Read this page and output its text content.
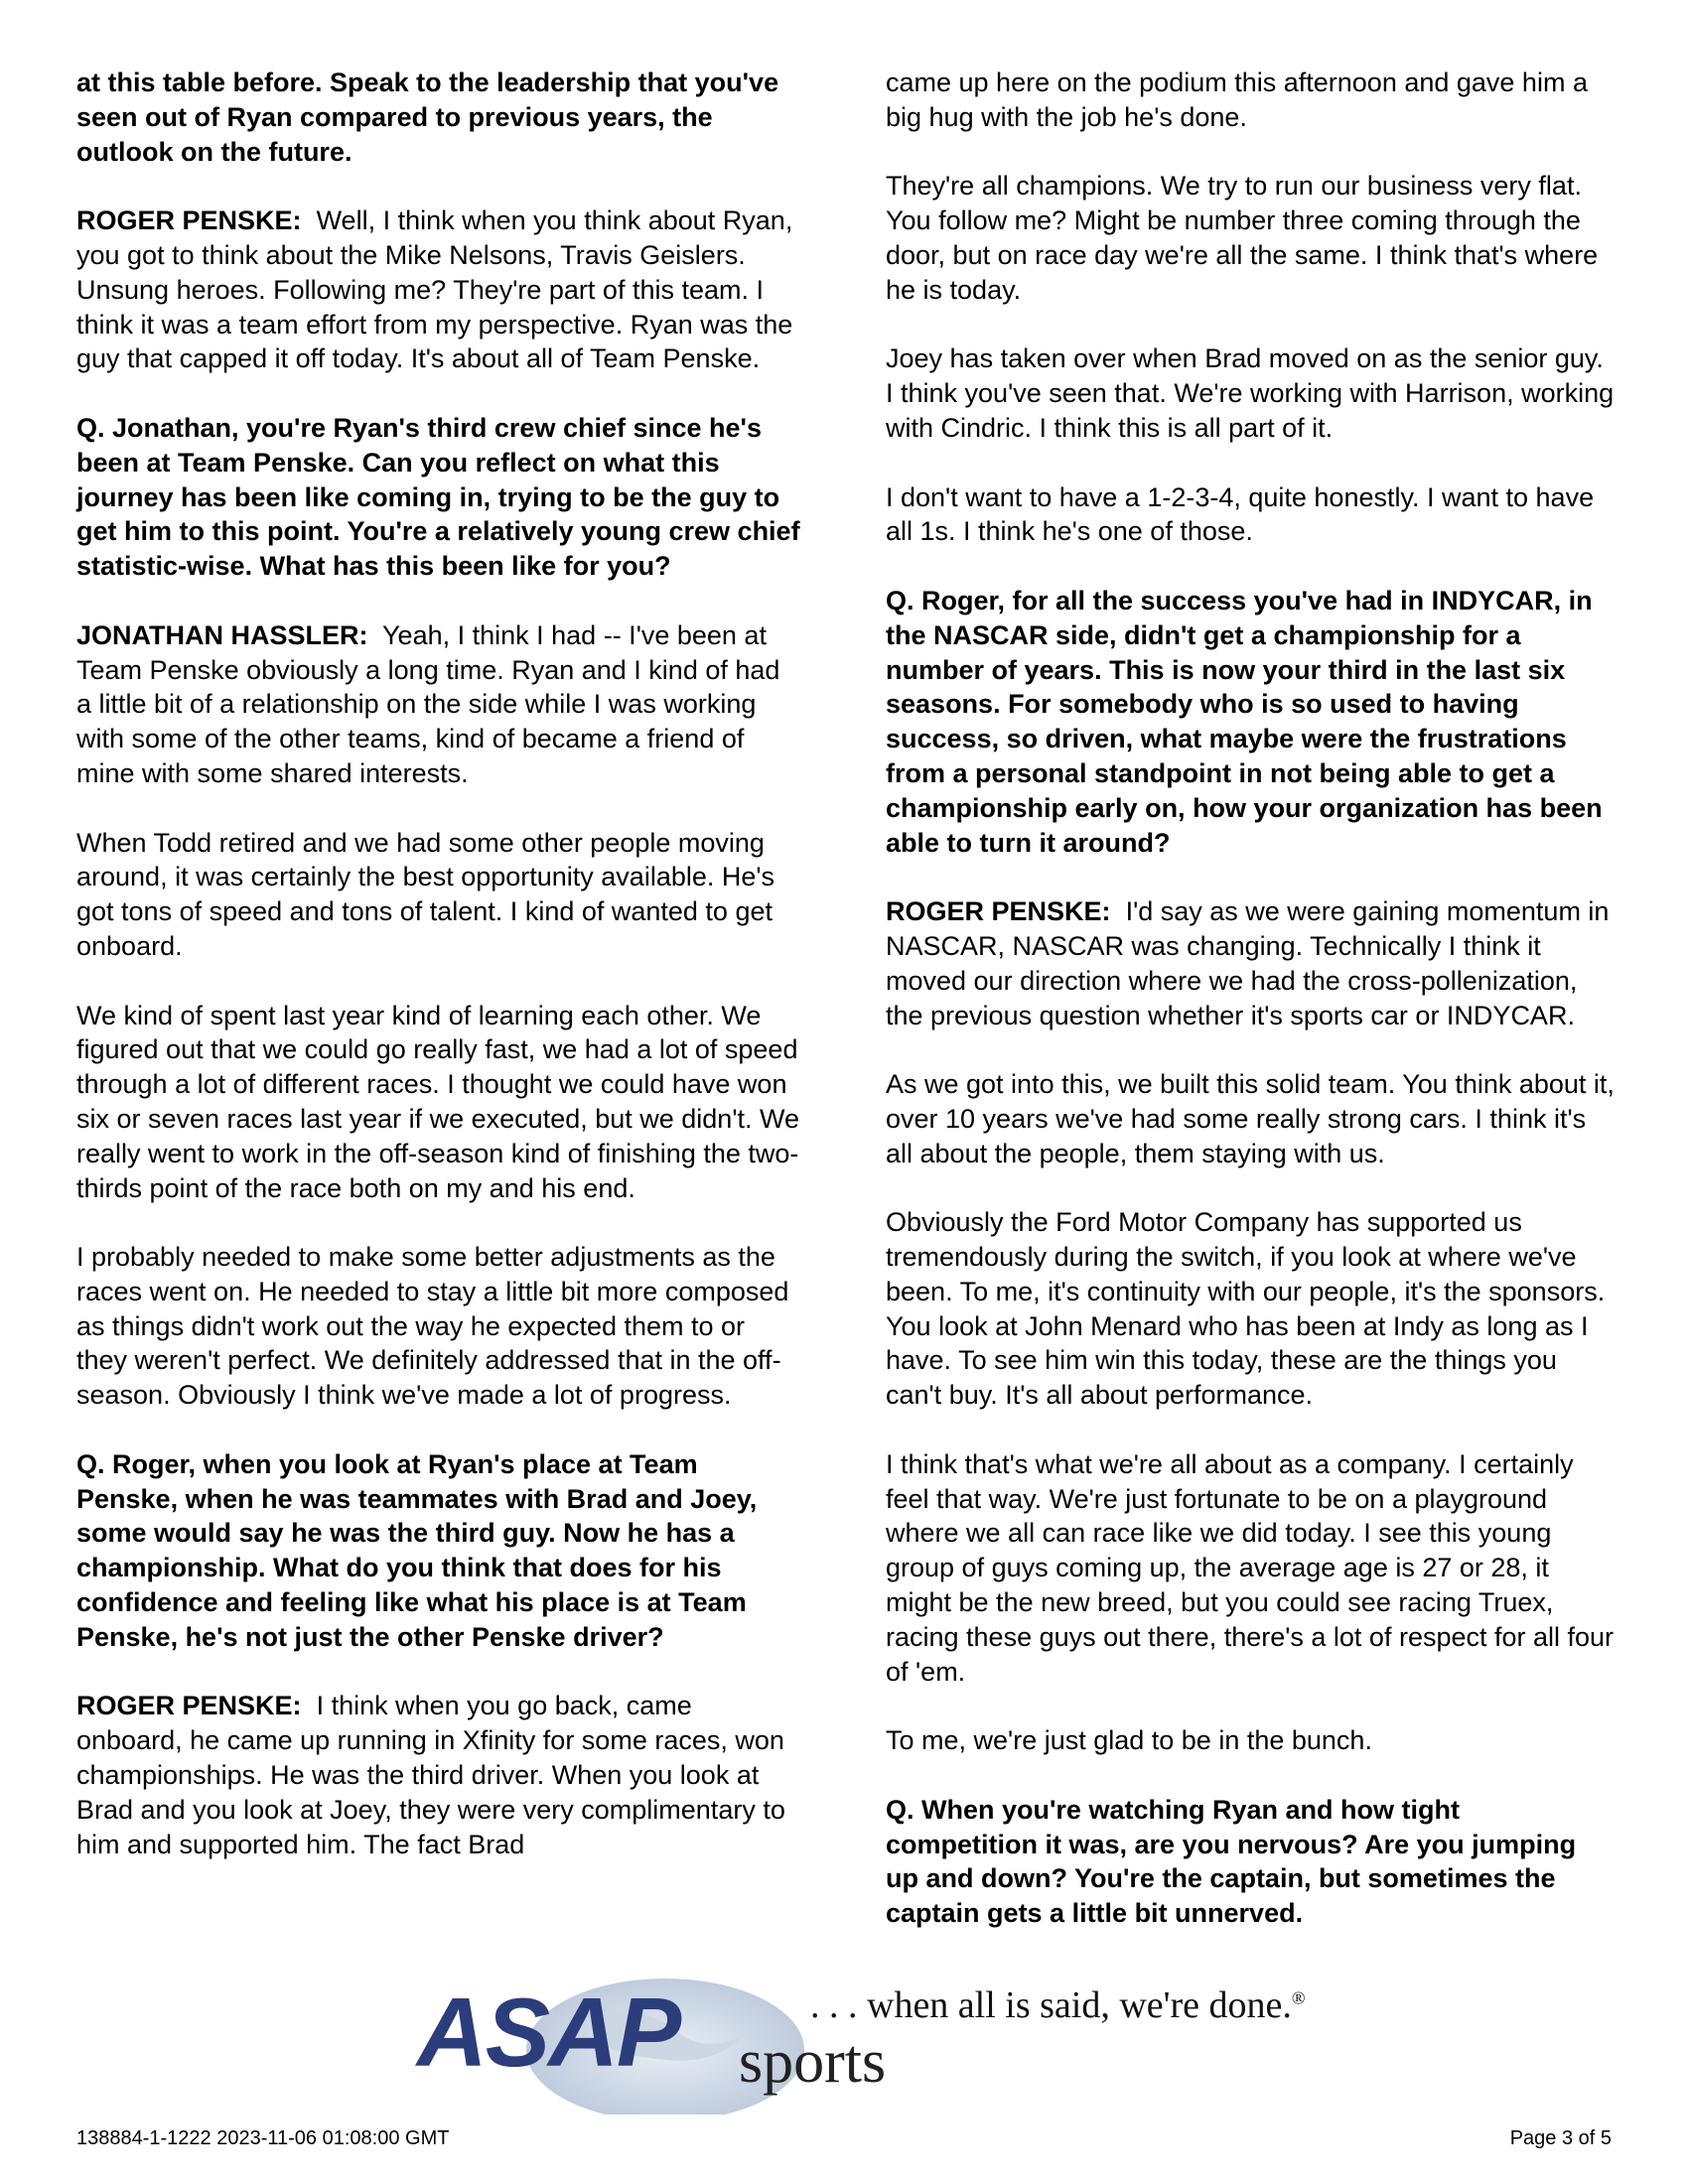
at this table before. Speak to the leadership that you've seen out of Ryan compared to previous years, the outlook on the future.

ROGER PENSKE: Well, I think when you think about Ryan, you got to think about the Mike Nelsons, Travis Geislers. Unsung heroes. Following me? They're part of this team. I think it was a team effort from my perspective. Ryan was the guy that capped it off today. It's about all of Team Penske.

Q. Jonathan, you're Ryan's third crew chief since he's been at Team Penske. Can you reflect on what this journey has been like coming in, trying to be the guy to get him to this point. You're a relatively young crew chief statistic-wise. What has this been like for you?

JONATHAN HASSLER: Yeah, I think I had -- I've been at Team Penske obviously a long time. Ryan and I kind of had a little bit of a relationship on the side while I was working with some of the other teams, kind of became a friend of mine with some shared interests.

When Todd retired and we had some other people moving around, it was certainly the best opportunity available. He's got tons of speed and tons of talent. I kind of wanted to get onboard.

We kind of spent last year kind of learning each other. We figured out that we could go really fast, we had a lot of speed through a lot of different races. I thought we could have won six or seven races last year if we executed, but we didn't. We really went to work in the off-season kind of finishing the two-thirds point of the race both on my and his end.

I probably needed to make some better adjustments as the races went on. He needed to stay a little bit more composed as things didn't work out the way he expected them to or they weren't perfect. We definitely addressed that in the off-season. Obviously I think we've made a lot of progress.

Q. Roger, when you look at Ryan's place at Team Penske, when he was teammates with Brad and Joey, some would say he was the third guy. Now he has a championship. What do you think that does for his confidence and feeling like what his place is at Team Penske, he's not just the other Penske driver?

ROGER PENSKE: I think when you go back, came onboard, he came up running in Xfinity for some races, won championships. He was the third driver. When you look at Brad and you look at Joey, they were very complimentary to him and supported him. The fact Brad

came up here on the podium this afternoon and gave him a big hug with the job he's done.

They're all champions. We try to run our business very flat. You follow me? Might be number three coming through the door, but on race day we're all the same. I think that's where he is today.

Joey has taken over when Brad moved on as the senior guy. I think you've seen that. We're working with Harrison, working with Cindric. I think this is all part of it.

I don't want to have a 1-2-3-4, quite honestly. I want to have all 1s. I think he's one of those.

Q. Roger, for all the success you've had in INDYCAR, in the NASCAR side, didn't get a championship for a number of years. This is now your third in the last six seasons. For somebody who is so used to having success, so driven, what maybe were the frustrations from a personal standpoint in not being able to get a championship early on, how your organization has been able to turn it around?

ROGER PENSKE: I'd say as we were gaining momentum in NASCAR, NASCAR was changing. Technically I think it moved our direction where we had the cross-pollenization, the previous question whether it's sports car or INDYCAR.

As we got into this, we built this solid team. You think about it, over 10 years we've had some really strong cars. I think it's all about the people, them staying with us.

Obviously the Ford Motor Company has supported us tremendously during the switch, if you look at where we've been. To me, it's continuity with our people, it's the sponsors. You look at John Menard who has been at Indy as long as I have. To see him win this today, these are the things you can't buy. It's all about performance.

I think that's what we're all about as a company. I certainly feel that way. We're just fortunate to be on a playground where we all can race like we did today. I see this young group of guys coming up, the average age is 27 or 28, it might be the new breed, but you could see racing Truex, racing these guys out there, there's a lot of respect for all four of 'em.

To me, we're just glad to be in the bunch.

Q. When you're watching Ryan and how tight competition it was, are you nervous? Are you jumping up and down? You're the captain, but sometimes the captain gets a little bit unnerved.

ASAP sports
. . . when all is said, we're done.®
138884-1-1222 2023-11-06 01:08:00 GMT	Page 3 of 5
